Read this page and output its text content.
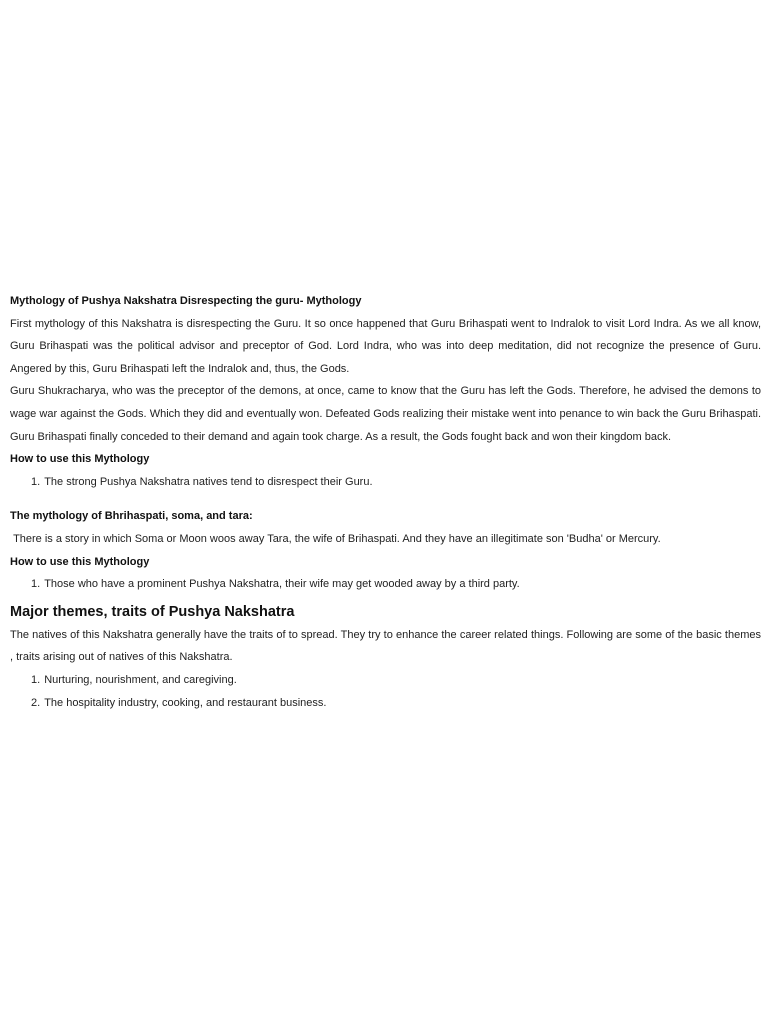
Mythology of Pushya Nakshatra Disrespecting the guru- Mythology

First mythology of this Nakshatra is disrespecting the Guru. It so once happened that Guru Brihaspati went to Indralok to visit Lord Indra. As we all know, Guru Brihaspati was the political advisor and preceptor of God. Lord Indra, who was into deep meditation, did not recognize the presence of Guru. Angered by this, Guru Brihaspati left the Indralok and, thus, the Gods.

Guru Shukracharya, who was the preceptor of the demons, at once, came to know that the Guru has left the Gods. Therefore, he advised the demons to wage war against the Gods. Which they did and eventually won. Defeated Gods realizing their mistake went into penance to win back the Guru Brihaspati. Guru Brihaspati finally conceded to their demand and again took charge. As a result, the Gods fought back and won their kingdom back.

How to use this Mythology

1. The strong Pushya Nakshatra natives tend to disrespect their Guru.

The mythology of Bhrihaspati, soma, and tara:

There is a story in which Soma or Moon woos away Tara, the wife of Brihaspati. And they have an illegitimate son 'Budha' or Mercury.

How to use this Mythology

1. Those who have a prominent Pushya Nakshatra, their wife may get wooded away by a third party.

Major themes, traits of Pushya Nakshatra

The natives of this Nakshatra generally have the traits of to spread. They try to enhance the career related things. Following are some of the basic themes , traits arising out of natives of this Nakshatra.

1. Nurturing, nourishment, and caregiving.
2. The hospitality industry, cooking, and restaurant business.
